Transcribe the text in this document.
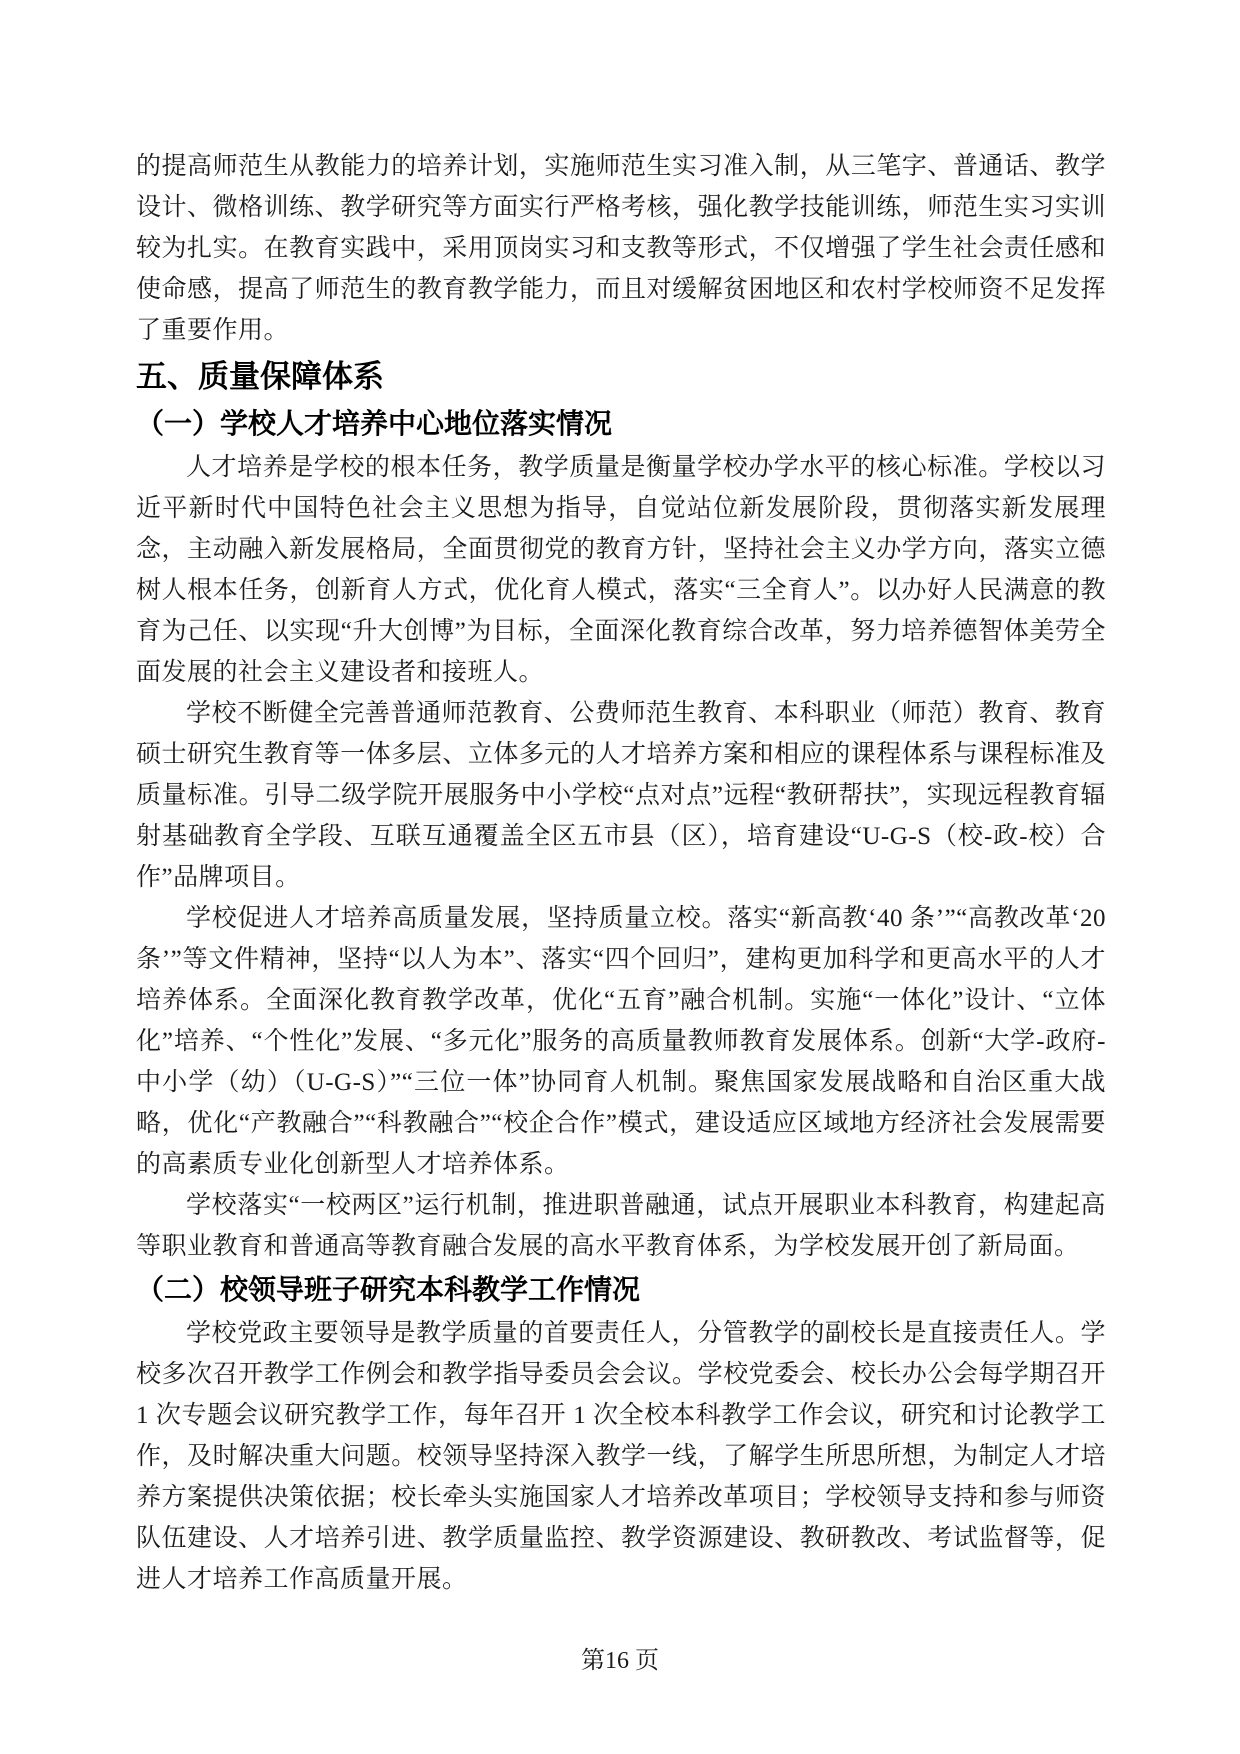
的提高师范生从教能力的培养计划，实施师范生实习准入制，从三笔字、普通话、教学设计、微格训练、教学研究等方面实行严格考核，强化教学技能训练，师范生实习实训较为扎实。在教育实践中，采用顶岗实习和支教等形式，不仅增强了学生社会责任感和使命感，提高了师范生的教育教学能力，而且对缓解贫困地区和农村学校师资不足发挥了重要作用。

五、质量保障体系
（一）学校人才培养中心地位落实情况

人才培养是学校的根本任务，教学质量是衡量学校办学水平的核心标准。学校以习近平新时代中国特色社会主义思想为指导，自觉站位新发展阶段，贯彻落实新发展理念，主动融入新发展格局，全面贯彻党的教育方针，坚持社会主义办学方向，落实立德树人根本任务，创新育人方式，优化育人模式，落实“三全育人”。以办好人民满意的教育为己任、以实现“升大创博”为目标，全面深化教育综合改革，努力培养德智体美劳全面发展的社会主义建设者和接班人。

学校不断健全完善普通师范教育、公费师范生教育、本科职业（师范）教育、教育硕士研究生教育等一体多层、立体多元的人才培养方案和相应的课程体系与课程标准及质量标准。引导二级学院开展服务中小学校“点对点”远程“教研帮扶”，实现远程教育辐射基础教育全学段、互联互通覆盖全区五市县（区），培育建设“U-G-S（校-政-校）合作”品牌项目。

学校促进人才培养高质量发展，坚持质量立校。落实“新高教‘40 条’”“高教改革‘20 条’”等文件精神，坚持“以人为本”、落实“四个回归”，建构更加科学和更高水平的人才培养体系。全面深化教育教学改革，优化“五育”融合机制。实施“一体化”设计、“立体化”培养、“个性化”发展、“多元化”服务的高质量教师教育发展体系。创新“大学-政府-中小学（幼）（U-G-S）”“三位一体”协同育人机制。聚焦国家发展战略和自治区重大战略，优化“产教融合”“科教融合”“校企合作”模式，建设适应区域地方经济社会发展需要的高素质专业化创新型人才培养体系。

学校落实“一校两区”运行机制，推进职普融通，试点开展职业本科教育，构建起高等职业教育和普通高等教育融合发展的高水平教育体系，为学校发展开创了新局面。

（二）校领导班子研究本科教学工作情况

学校党政主要领导是教学质量的首要责任人，分管教学的副校长是直接责任人。学校多次召开教学工作例会和教学指导委员会会议。学校党委会、校长办公会每学期召开 1 次专题会议研究教学工作，每年召开 1 次全校本科教学工作会议，研究和讨论教学工作，及时解决重大问题。校领导坚持深入教学一线，了解学生所思所想，为制定人才培养方案提供决策依据；校长牵头实施国家人才培养改革项目；学校领导支持和参与师资队伍建设、人才培养引进、教学质量监控、教学资源建设、教研教改、考试监督等，促进人才培养工作高质量开展。

第16 页
